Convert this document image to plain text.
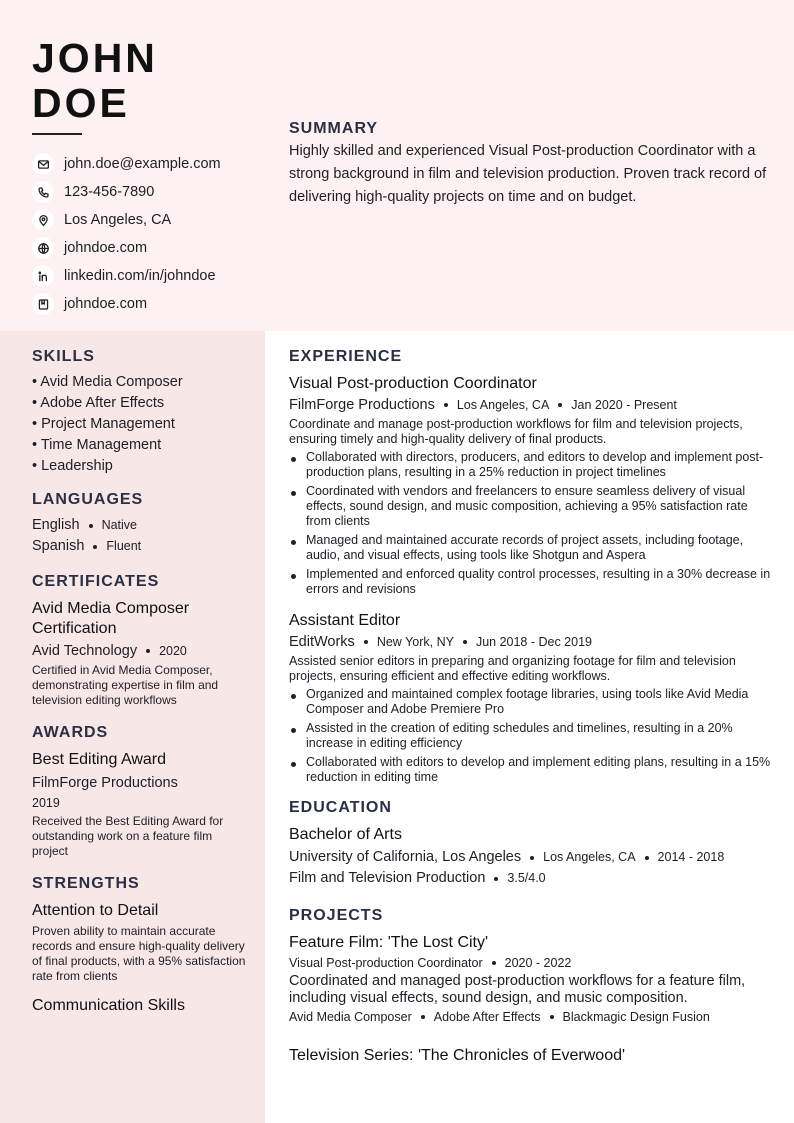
JOHN
DOE
john.doe@example.com
123-456-7890
Los Angeles, CA
johndoe.com
linkedin.com/in/johndoe
johndoe.com
SUMMARY
Highly skilled and experienced Visual Post-production Coordinator with a strong background in film and television production. Proven track record of delivering high-quality projects on time and on budget.
SKILLS
• Avid Media Composer
• Adobe After Effects
• Project Management
• Time Management
• Leadership
LANGUAGES
English Native
Spanish Fluent
CERTIFICATES
Avid Media Composer Certification
Avid Technology 2020
Certified in Avid Media Composer, demonstrating expertise in film and television editing workflows
AWARDS
Best Editing Award
FilmForge Productions
2019
Received the Best Editing Award for outstanding work on a feature film project
STRENGTHS
Attention to Detail
Proven ability to maintain accurate records and ensure high-quality delivery of final products, with a 95% satisfaction rate from clients
Communication Skills
EXPERIENCE
Visual Post-production Coordinator
FilmForge Productions Los Angeles, CA Jan 2020 - Present
Coordinate and manage post-production workflows for film and television projects, ensuring timely and high-quality delivery of final products.
Collaborated with directors, producers, and editors to develop and implement post-production plans, resulting in a 25% reduction in project timelines
Coordinated with vendors and freelancers to ensure seamless delivery of visual effects, sound design, and music composition, achieving a 95% satisfaction rate from clients
Managed and maintained accurate records of project assets, including footage, audio, and visual effects, using tools like Shotgun and Aspera
Implemented and enforced quality control processes, resulting in a 30% decrease in errors and revisions
Assistant Editor
EditWorks New York, NY Jun 2018 - Dec 2019
Assisted senior editors in preparing and organizing footage for film and television projects, ensuring efficient and effective editing workflows.
Organized and maintained complex footage libraries, using tools like Avid Media Composer and Adobe Premiere Pro
Assisted in the creation of editing schedules and timelines, resulting in a 20% increase in editing efficiency
Collaborated with editors to develop and implement editing plans, resulting in a 15% reduction in editing time
EDUCATION
Bachelor of Arts
University of California, Los Angeles Los Angeles, CA 2014 - 2018
Film and Television Production 3.5/4.0
PROJECTS
Feature Film: 'The Lost City'
Visual Post-production Coordinator 2020 - 2022
Coordinated and managed post-production workflows for a feature film, including visual effects, sound design, and music composition.
Avid Media Composer Adobe After Effects Blackmagic Design Fusion
Television Series: 'The Chronicles of Everwood'
